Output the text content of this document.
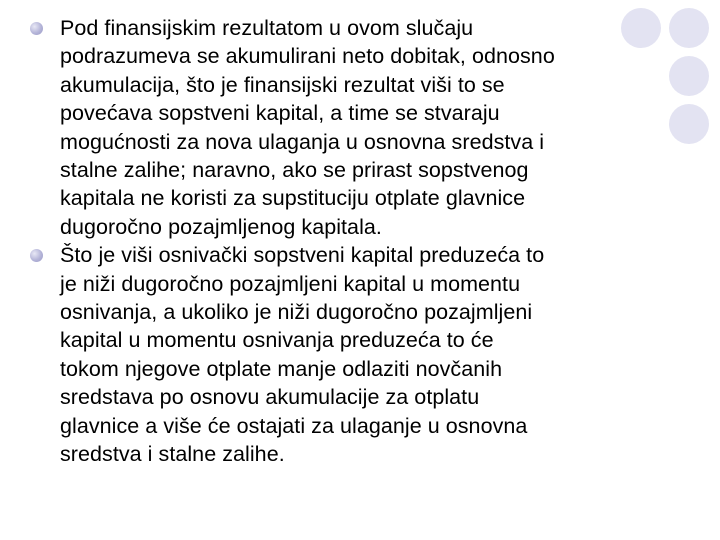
Pod finansijskim rezultatom u ovom slučaju
podrazumeva se akumulirani neto dobitak, odnosno
akumulacija, što je finansijski rezultat viši to se
povećava sopstveni kapital, a time se stvaraju
mogućnosti za nova ulaganja u osnovna sredstva i
stalne zalihe; naravno, ako se prirast sopstvenog
kapitala ne koristi za supstituciju otplate glavnice
dugoročno pozajmljenog kapitala.
Što je viši osnivački sopstveni kapital preduzeća to
je niži dugoročno pozajmljeni kapital u momentu
osnivanja, a ukoliko je niži dugoročno pozajmljeni
kapital u momentu osnivanja preduzeća to će
tokom njegove otplate manje odlaziti novčanih
sredstava po osnovu akumulacije za otplatu
glavnice a više će ostajati za ulaganje u osnovna
sredstva i stalne zalihe.
